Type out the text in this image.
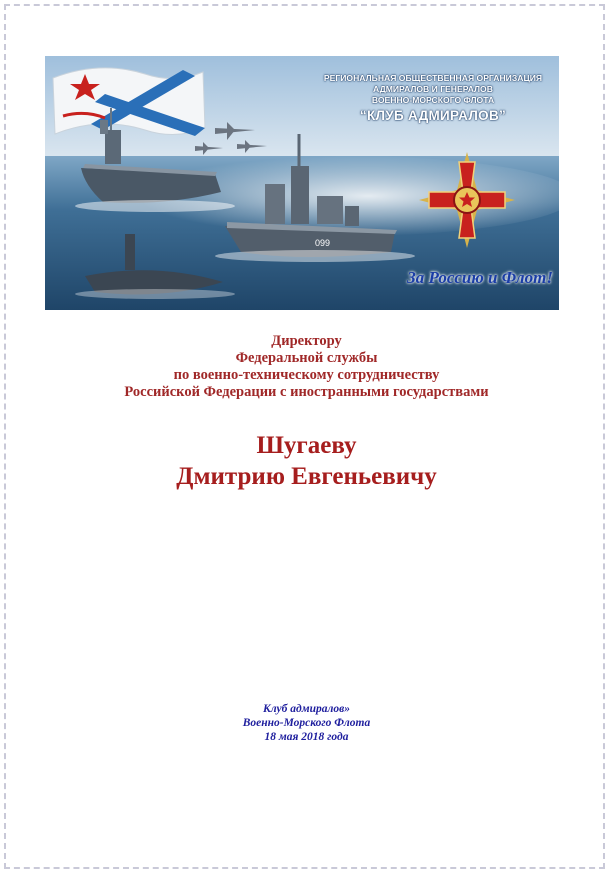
099
РЕГИОНАЛЬНАЯ ОБЩЕСТВЕННАЯ ОРГАНИЗАЦИЯ
АДМИРАЛОВ И ГЕНЕРАЛОВ
ВОЕННО-МОРСКОГО ФЛОТА
“КЛУБ АДМИРАЛОВ”
За Россию и Флот!
Директору
Федеральной службы
по военно-техническому сотрудничеству
Российской Федерации с иностранными государствами
Шугаеву
Дмитрию Евгеньевичу
Клуб адмиралов»
Военно-Морского Флота
18 мая 2018 года
